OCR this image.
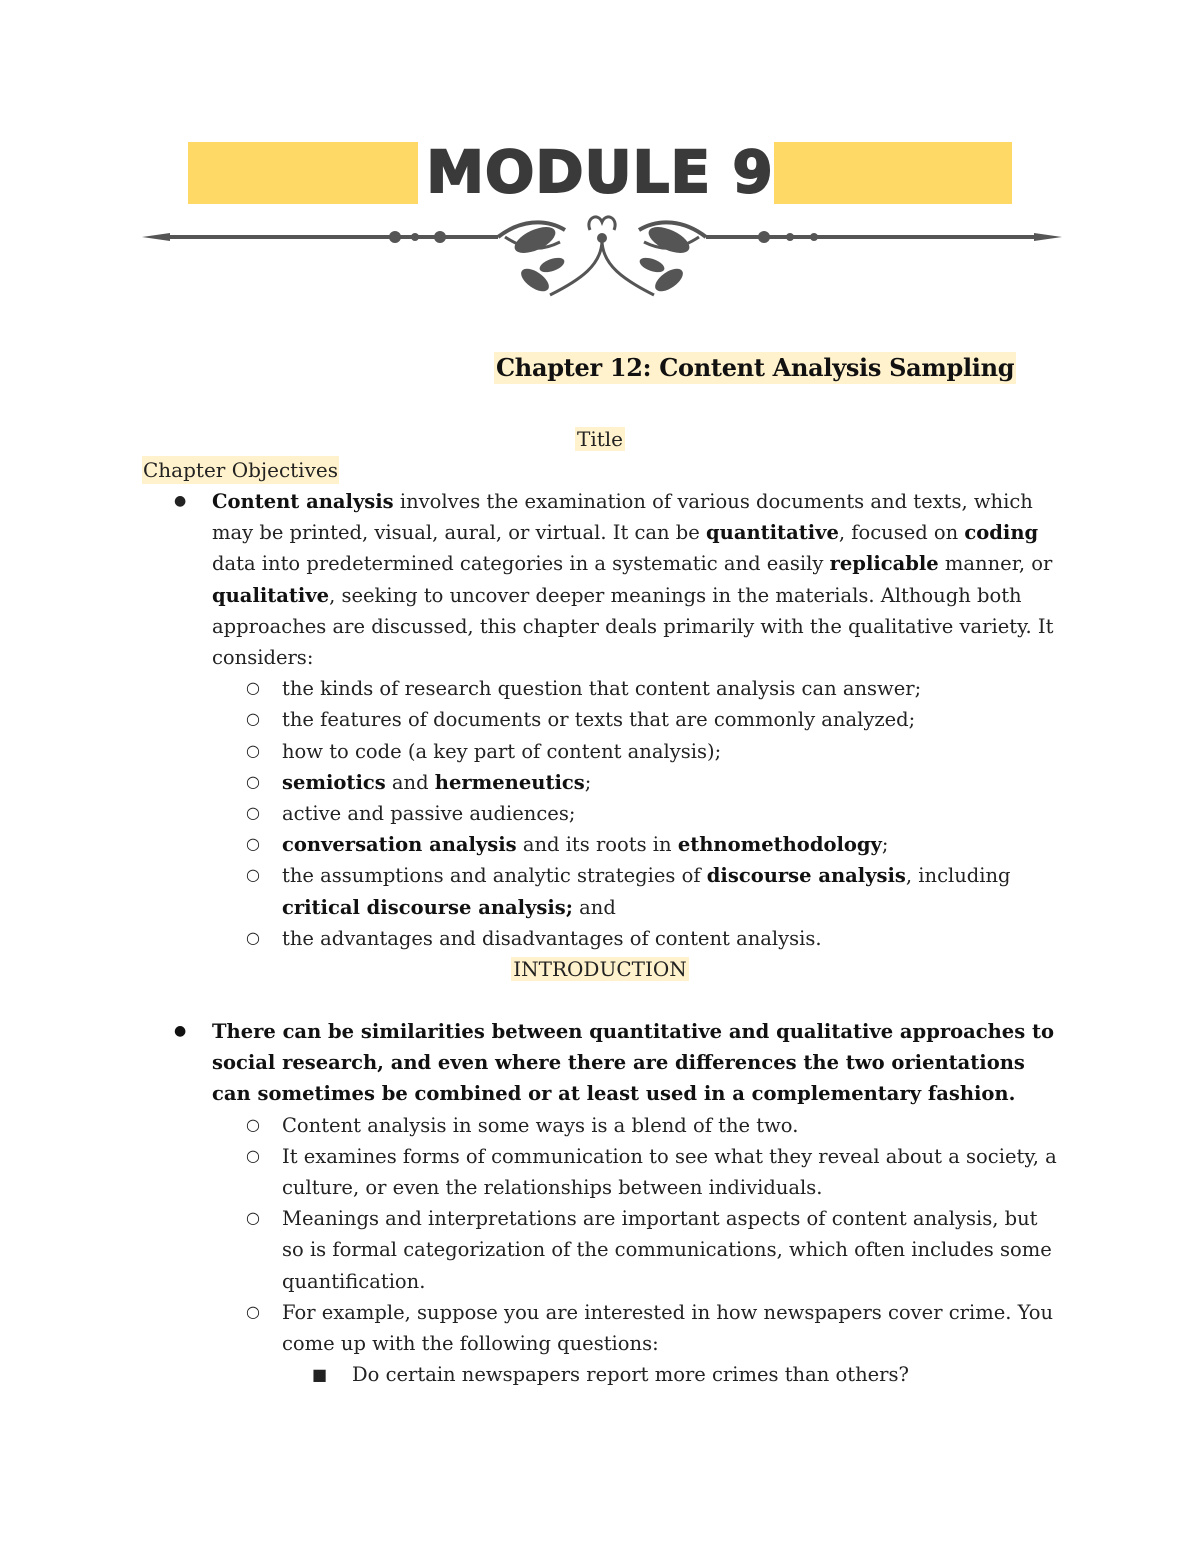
MODULE 9
Chapter 12: Content Analysis Sampling
Title
Chapter Objectives
● Content analysis involves the examination of various documents and texts, which may be printed, visual, aural, or virtual. It can be quantitative, focused on coding data into predetermined categories in a systematic and easily replicable manner, or qualitative, seeking to uncover deeper meanings in the materials. Although both approaches are discussed, this chapter deals primarily with the qualitative variety. It considers:
○ the kinds of research question that content analysis can answer;
○ the features of documents or texts that are commonly analyzed;
○ how to code (a key part of content analysis);
○ semiotics and hermeneutics;
○ active and passive audiences;
○ conversation analysis and its roots in ethnomethodology;
○ the assumptions and analytic strategies of discourse analysis, including critical discourse analysis; and
○ the advantages and disadvantages of content analysis.
INTRODUCTION
● There can be similarities between quantitative and qualitative approaches to social research, and even where there are differences the two orientations can sometimes be combined or at least used in a complementary fashion.
○ Content analysis in some ways is a blend of the two.
○ It examines forms of communication to see what they reveal about a society, a culture, or even the relationships between individuals.
○ Meanings and interpretations are important aspects of content analysis, but so is formal categorization of the communications, which often includes some quantification.
○ For example, suppose you are interested in how newspapers cover crime. You come up with the following questions:
■ Do certain newspapers report more crimes than others?
